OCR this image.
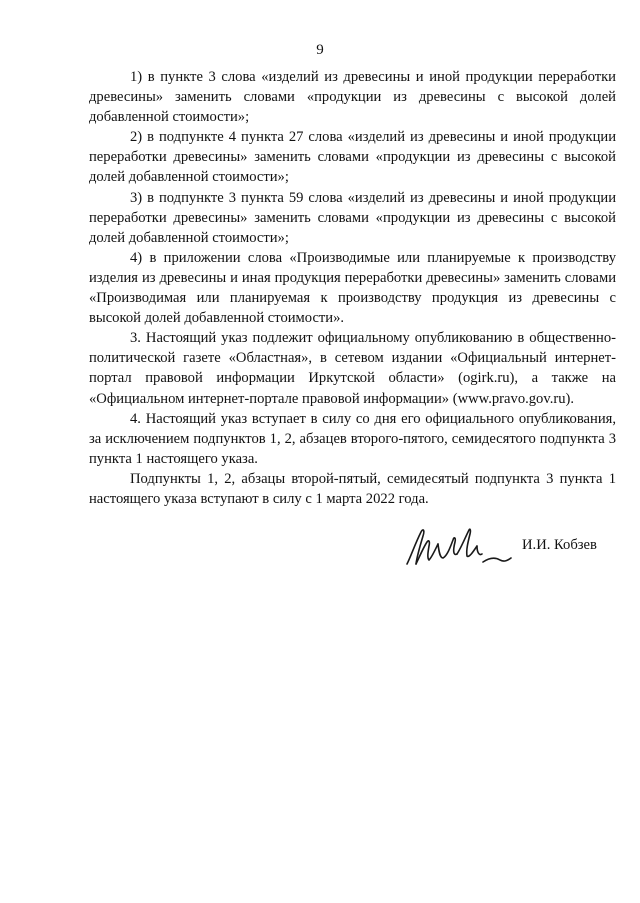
9

1) в пункте 3 слова «изделий из древесины и иной продукции переработки древесины» заменить словами «продукции из древесины с высокой долей добавленной стоимости»;

2) в подпункте 4 пункта 27 слова «изделий из древесины и иной продукции переработки древесины» заменить словами «продукции из древесины с высокой долей добавленной стоимости»;

3) в подпункте 3 пункта 59 слова «изделий из древесины и иной продукции переработки древесины» заменить словами «продукции из древесины с высокой долей добавленной стоимости»;

4) в приложении слова «Производимые или планируемые к производству изделия из древесины и иная продукция переработки древесины» заменить словами «Производимая или планируемая к производству продукция из древесины с высокой долей добавленной стоимости».

3. Настоящий указ подлежит официальному опубликованию в общественно-политической газете «Областная», в сетевом издании «Официальный интернет-портал правовой информации Иркутской области» (ogirk.ru), а также на «Официальном интернет-портале правовой информации» (www.pravo.gov.ru).

4. Настоящий указ вступает в силу со дня его официального опубликования, за исключением подпунктов 1, 2, абзацев второго-пятого, семидесятого подпункта 3 пункта 1 настоящего указа.

Подпункты 1, 2, абзацы второй-пятый, семидесятый подпункта 3 пункта 1 настоящего указа вступают в силу с 1 марта 2022 года.

И.И. Кобзев
